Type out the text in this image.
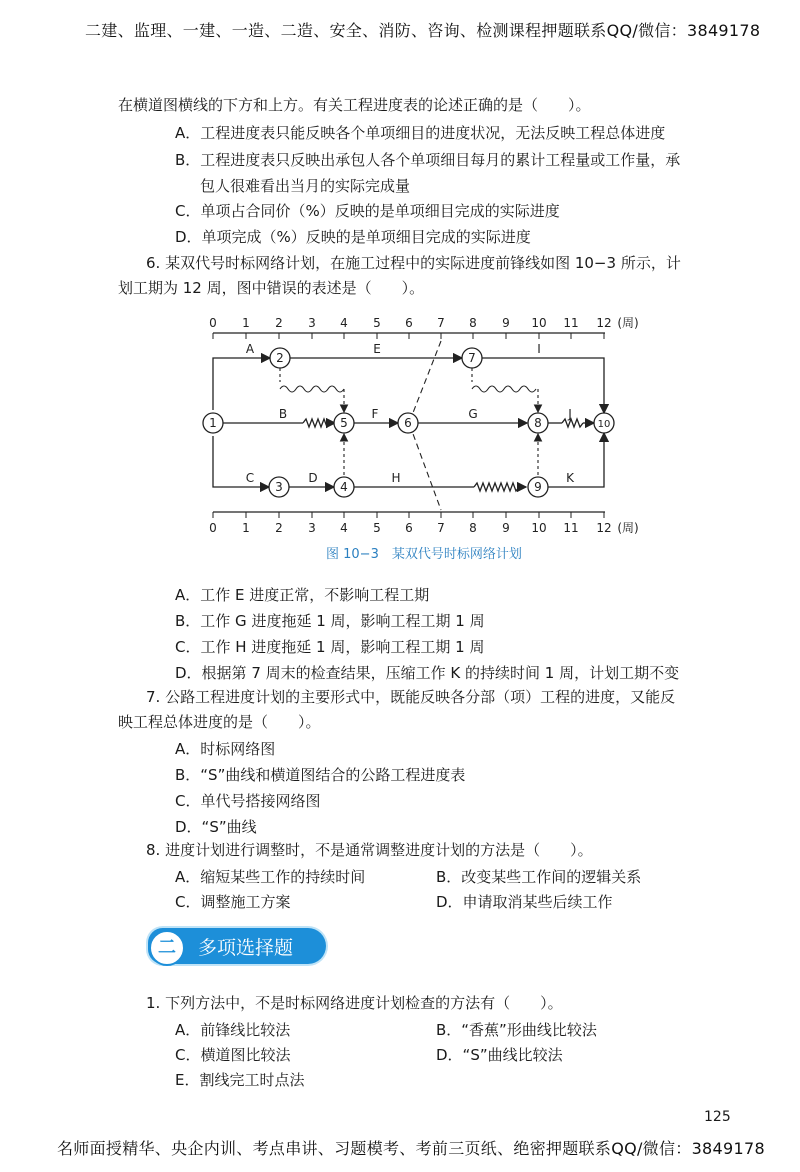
二建、监理、一建、一造、二造、安全、消防、咨询、检测课程押题联系QQ/微信：3849178
在横道图横线的下方和上方。有关工程进度表的论述正确的是（　　）。
A．工程进度表只能反映各个单项细目的进度状况，无法反映工程总体进度
B．工程进度表只反映出承包人各个单项细目每月的累计工程量或工作量，承
包人很难看出当月的实际完成量
C．单项占合同价（%）反映的是单项细目完成的实际进度
D．单项完成（%）反映的是单项细目完成的实际进度
6. 某双代号时标网络计划，在施工过程中的实际进度前锋线如图 10−3 所示，计
划工期为 12 周，图中错误的表述是（　　）。
0 1 2 3 4 5 6 7 8 9 10 11 12 (周)
0 1 2 3 4 5 6 7 8 9 10 11 12 (周)
1
2
3	4
5	6
7
8
9
10
A
B
C	D
E
F	G
H
I
J
K
图 10−3　某双代号时标网络计划
A．工作 E 进度正常，不影响工程工期
B．工作 G 进度拖延 1 周，影响工程工期 1 周
C．工作 H 进度拖延 1 周，影响工程工期 1 周
D．根据第 7 周末的检查结果，压缩工作 K 的持续时间 1 周，计划工期不变
7. 公路工程进度计划的主要形式中，既能反映各分部（项）工程的进度，又能反
映工程总体进度的是（　　）。
A．时标网络图
B．“S”曲线和横道图结合的公路工程进度表
C．单代号搭接网络图
D．“S”曲线
8. 进度计划进行调整时，不是通常调整进度计划的方法是（　　）。
A．缩短某些工作的持续时间	B．改变某些工作间的逻辑关系
C．调整施工方案	D．申请取消某些后续工作
二	多项选择题
1. 下列方法中，不是时标网络进度计划检查的方法有（　　）。
A．前锋线比较法	B．“香蕉”形曲线比较法
C．横道图比较法	D．“S”曲线比较法
E．割线完工时点法
125
名师面授精华、央企内训、考点串讲、习题模考、考前三页纸、绝密押题联系QQ/微信：3849178
